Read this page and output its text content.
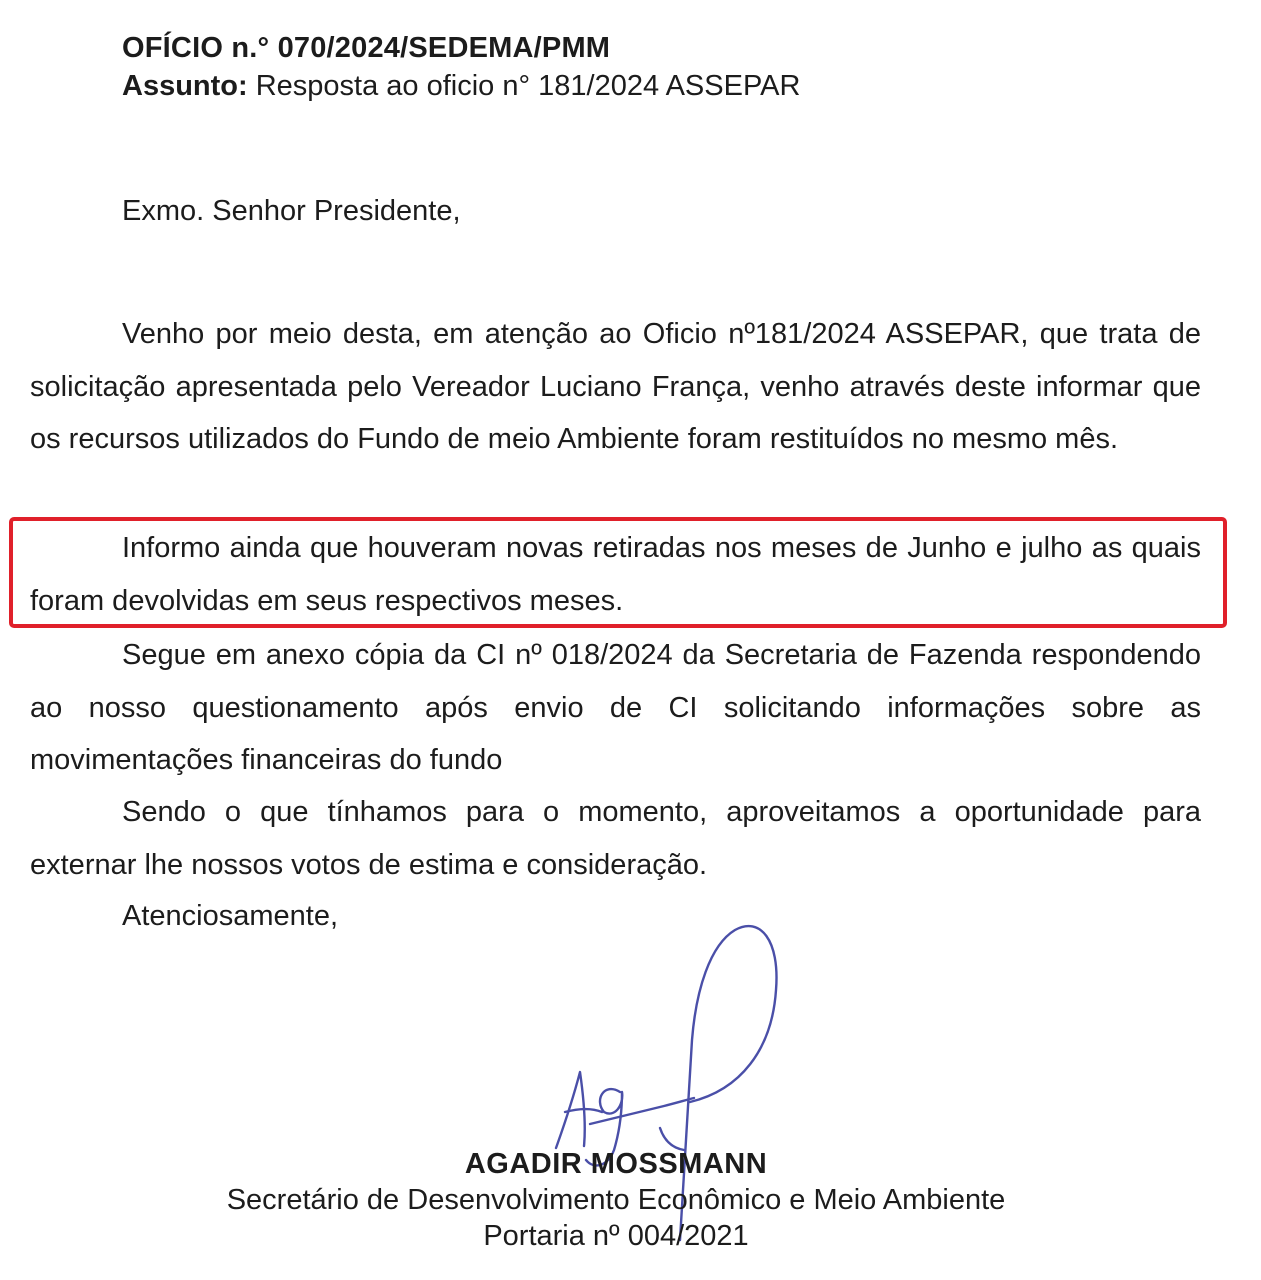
OFÍCIO n.° 070/2024/SEDEMA/PMM
Assunto: Resposta ao oficio n° 181/2024 ASSEPAR
Exmo. Senhor Presidente,

Venho por meio desta, em atenção ao Oficio nº181/2024 ASSEPAR, que trata de solicitação apresentada pelo Vereador Luciano França, venho através deste informar que os recursos utilizados do Fundo de meio Ambiente foram restituídos no mesmo mês.

Informo ainda que houveram novas retiradas nos meses de Junho e julho as quais foram devolvidas em seus respectivos meses.

Segue em anexo cópia da CI nº 018/2024 da Secretaria de Fazenda respondendo ao nosso questionamento após envio de CI solicitando informações sobre as movimentações financeiras do fundo

Sendo o que tínhamos para o momento, aproveitamos a oportunidade para externar lhe nossos votos de estima e consideração.

Atenciosamente,
AGADIR MOSSMANN
Secretário de Desenvolvimento Econômico e Meio Ambiente
Portaria nº 004/2021
